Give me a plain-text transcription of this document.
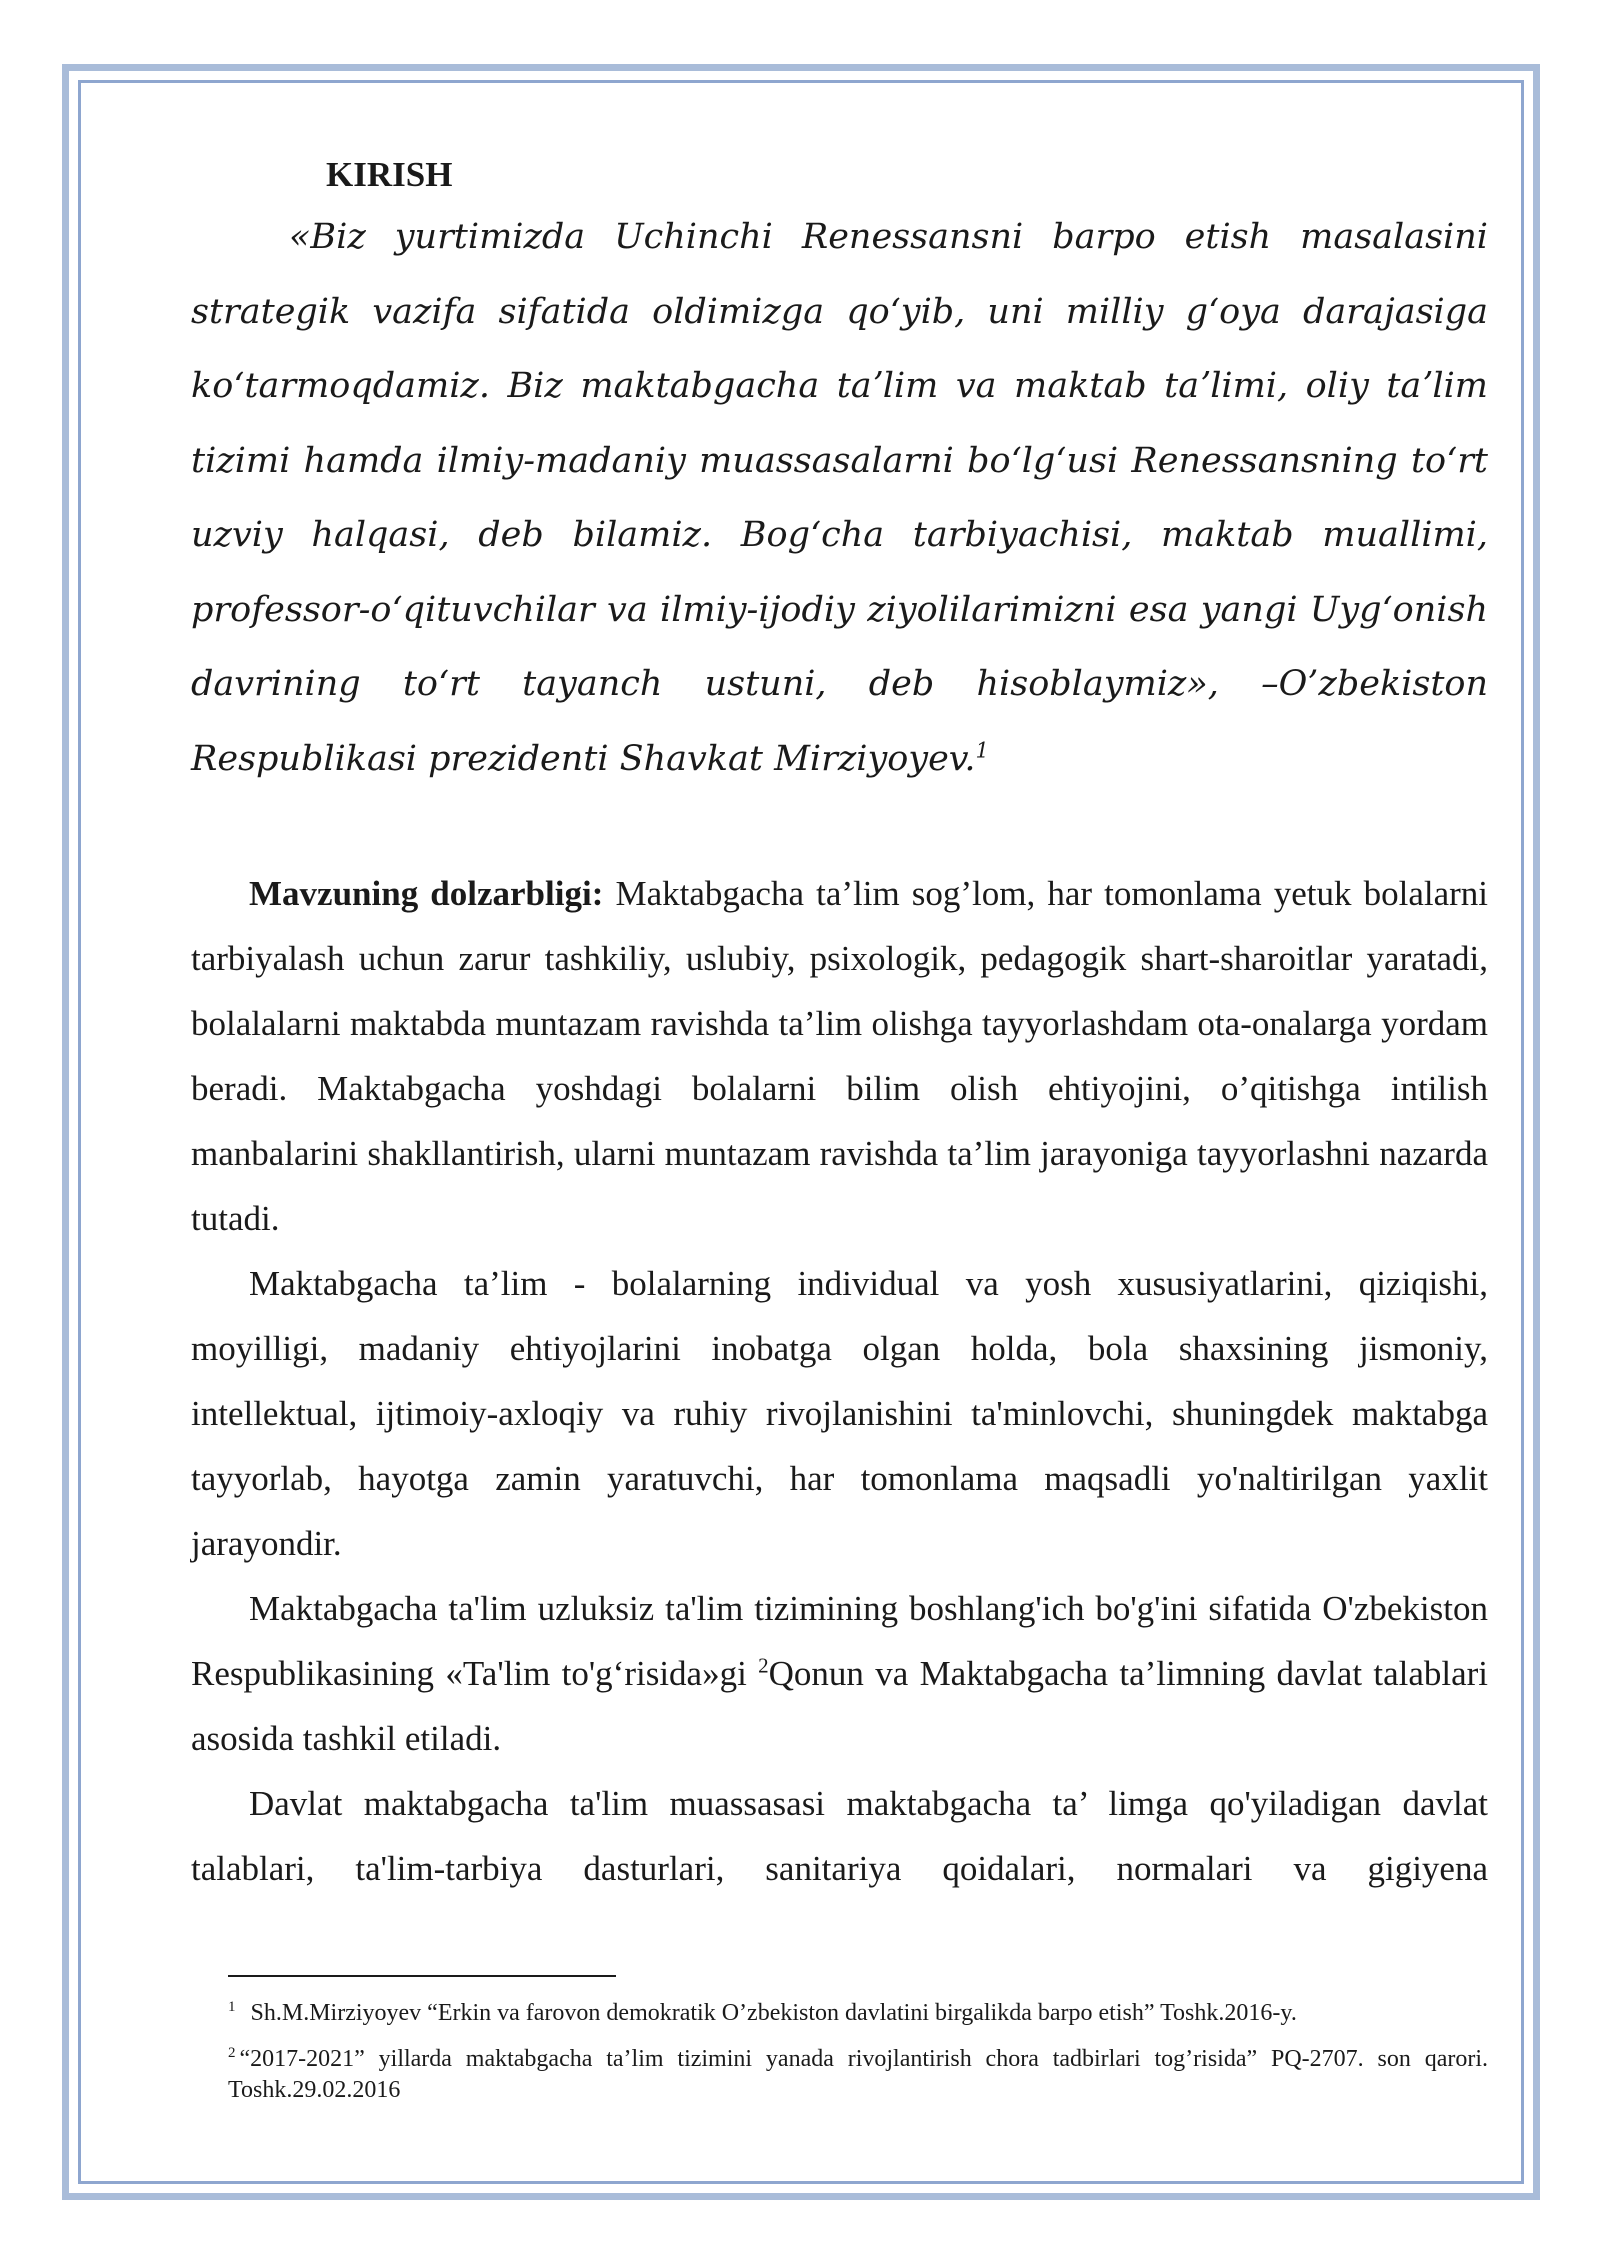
KIRISH

«Biz yurtimizda Uchinchi Renessansni barpo etish masalasini strategik vazifa sifatida oldimizga qoʻyib, uni milliy gʻoya darajasiga koʻtarmoqdamiz. Biz maktabgacha taʼlim va maktab taʼlimi, oliy taʼlim tizimi hamda ilmiy-madaniy muassasalarni boʻlgʻusi Renessansning toʻrt uzviy halqasi, deb bilamiz. Bogʻcha tarbiyachisi, maktab muallimi, professor-oʻqituvchilar va ilmiy-ijodiy ziyolilarimizni esa yangi Uygʻonish davrining toʻrt tayanch ustuni, deb hisoblaymiz», –O’zbekiston Respublikasi prezidenti Shavkat Mirziyoyev.$^1$

Mavzuning dolzarbligi: Maktabgacha ta’lim sog’lom, har tomonlama yetuk bolalarni tarbiyalash uchun zarur tashkiliy, uslubiy, psixologik, pedagogik shart-sharoitlar yaratadi, bolalalarni maktabda muntazam ravishda ta’lim olishga tayyorlashdam ota-onalarga yordam beradi. Maktabgacha yoshdagi bolalarni bilim olish ehtiyojini, o’qitishga intilish manbalarini shakllantirish, ularni muntazam ravishda ta’lim jarayoniga tayyorlashni nazarda tutadi.

Maktabgacha ta’lim - bolalarning individual va yosh xususiyatlarini, qiziqishi, moyilligi, madaniy ehtiyojlarini inobatga olgan holda, bola shaxsining jismoniy, intellektual, ijtimoiy-axloqiy va ruhiy rivojlanishini ta'minlovchi, shuningdek maktabga tayyorlab, hayotga zamin yaratuvchi, har tomonlama maqsadli yo'naltirilgan yaxlit jarayondir.

Maktabgacha ta'lim uzluksiz ta'lim tizimining boshlang'ich bo'g'ini sifatida O'zbekiston Respublikasining «Ta'lim to'g‘risida»gi $^2$Qonun va Maktabgacha ta’limning davlat talablari asosida tashkil etiladi.

Davlat maktabgacha ta'lim muassasasi maktabgacha ta’ limga qo'yiladigan davlat talablari, ta'lim-tarbiya dasturlari, sanitariya qoidalari, normalari va gigiyena

$^1$ Sh.M.Mirziyoyev “Erkin va farovon demokratik O’zbekiston davlatini birgalikda barpo etish” Toshk.2016-y.

$^2$ “2017-2021” yillarda maktabgacha ta’lim tizimini yanada rivojlantirish chora tadbirlari tog’risida” PQ-2707. son qarori. Toshk.29.02.2016
